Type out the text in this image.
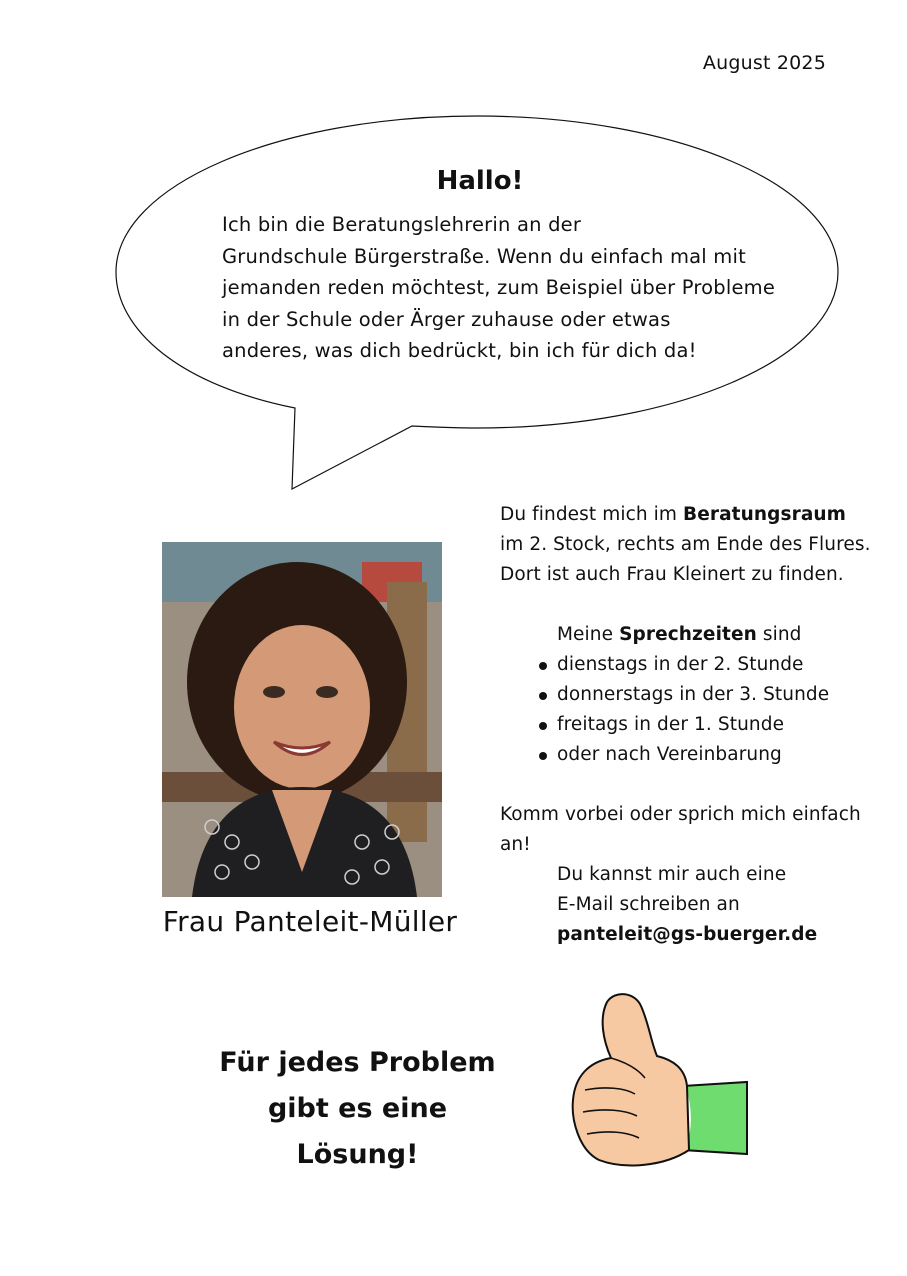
August 2025
Hallo!
Ich bin die Beratungslehrerin an der
Grundschule Bürgerstraße. Wenn du einfach mal mit
jemanden reden möchtest, zum Beispiel über Probleme
in der Schule oder Ärger zuhause oder etwas
anderes, was dich bedrückt, bin ich für dich da!
Frau Panteleit-Müller
Du findest mich im Beratungsraum
im 2. Stock, rechts am Ende des Flures.
Dort ist auch Frau Kleinert zu finden.
Meine Sprechzeiten sind
dienstags in der 2. Stunde
donnerstags in der 3. Stunde
freitags in der 1. Stunde
oder nach Vereinbarung
Komm vorbei oder sprich mich einfach
an!
Du kannst mir auch eine
E-Mail schreiben an
panteleit@gs-buerger.de
Für jedes Problem
gibt es eine Lösung!
